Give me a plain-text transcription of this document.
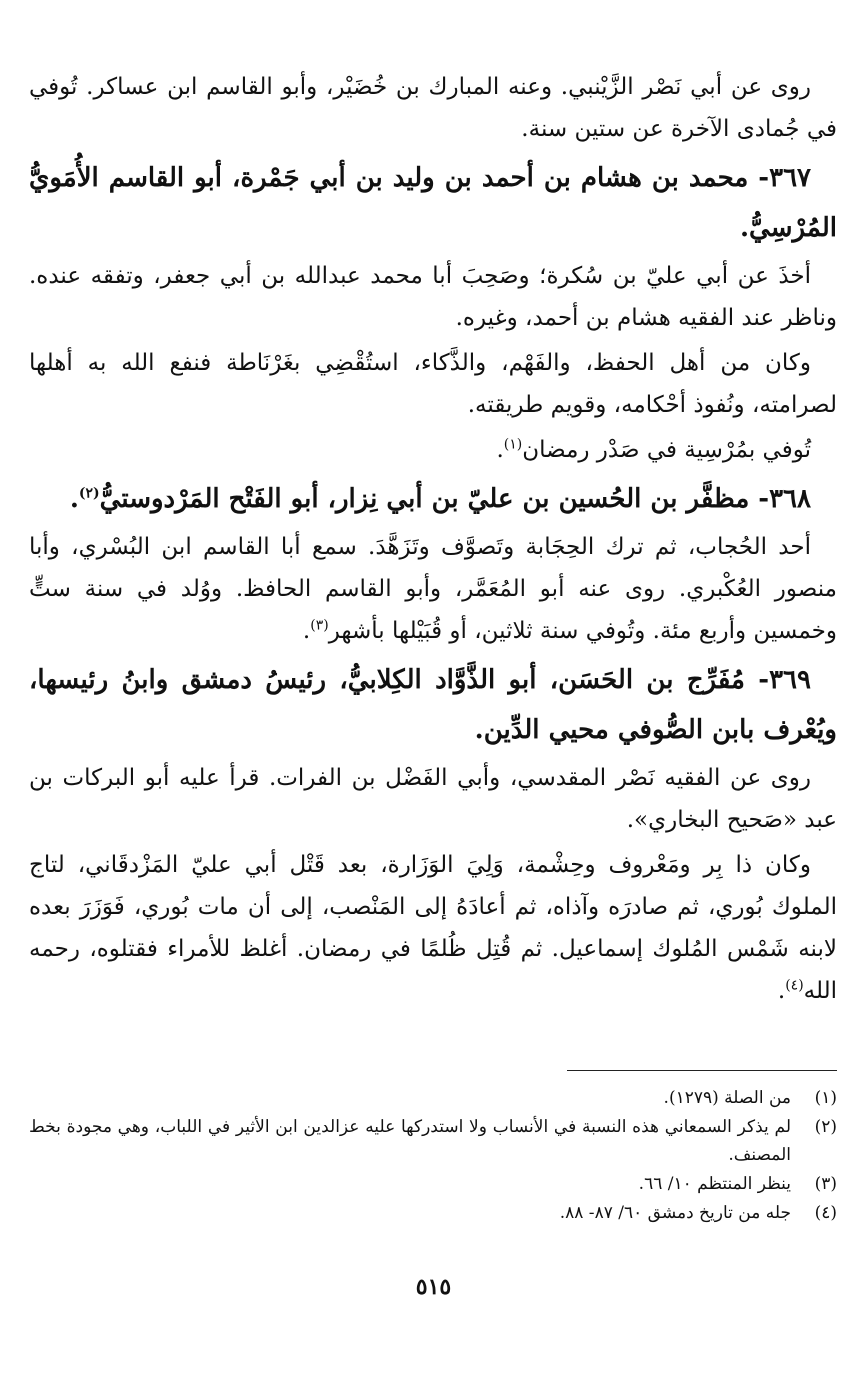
روى عن أبي نَصْر الزَّيْنبي. وعنه المبارك بن خُضَيْر، وأبو القاسم ابن عساكر. تُوفي في جُمادى الآخرة عن ستين سنة.

٣٦٧- محمد بن هشام بن أحمد بن وليد بن أبي جَمْرة، أبو القاسم الأُمَويُّ المُرْسِيُّ.

أخذَ عن أبي عليّ بن سُكرة؛ وصَحِبَ أبا محمد عبدالله بن أبي جعفر، وتفقه عنده. وناظر عند الفقيه هشام بن أحمد، وغيره.

وكان من أهل الحفظ، والفَهْم، والذَّكاء، استُقْضِي بغَرْنَاطة فنفع الله به أهلها لصرامته، ونُفوذ أحْكامه، وقويم طريقته.

تُوفي بمُرْسِية في صَدْر رمضان$^{(١)}$.

٣٦٨- مظفَّر بن الحُسين بن عليّ بن أبي نِزار، أبو الفَتْح المَرْدوستيُّ$^{(٢)}$.

أحد الحُجاب، ثم ترك الحِجَابة وتَصوَّف وتَزَهَّدَ. سمع أبا القاسم ابن البُسْري، وأبا منصور العُكْبري. روى عنه أبو المُعَمَّر، وأبو القاسم الحافظ. ووُلد في سنة ستٍّ وخمسين وأربع مئة. وتُوفي سنة ثلاثين، أو قُبَيْلها بأشهر$^{(٣)}$.

٣٦٩- مُفَرِّج بن الحَسَن، أبو الذَّوَّاد الكِلابيُّ، رئيسُ دمشق وابنُ رئيسها، ويُعْرف بابن الصُّوفي محيي الدِّين.

روى عن الفقيه نَصْر المقدسي، وأبي الفَضْل بن الفرات. قرأ عليه أبو البركات بن عبد «صَحيح البخاري».

وكان ذا بِر ومَعْروف وحِشْمة، وَلِيَ الوَزَارة، بعد قَتْل أبي عليّ المَزْدقَاني، لتاج الملوك بُوري، ثم صادرَه وآذاه، ثم أعادَهُ إلى المَنْصب، إلى أن مات بُوري، فَوَزَرَ بعده لابنه شَمْس المُلوك إسماعيل. ثم قُتِل ظُلمًا في رمضان. أغلظ للأمراء فقتلوه، رحمه الله$^{(٤)}$.

(١)
من الصلة (١٢٧٩).
(٢)
لم يذكر السمعاني هذه النسبة في الأنساب ولا استدركها عليه عزالدين ابن الأثير في اللباب، وهي مجودة بخط المصنف.
(٣)
ينظر المنتظم ١٠/ ٦٦.
(٤)
جله من تاريخ دمشق ٦٠/ ٨٧- ٨٨.
٥١٥
